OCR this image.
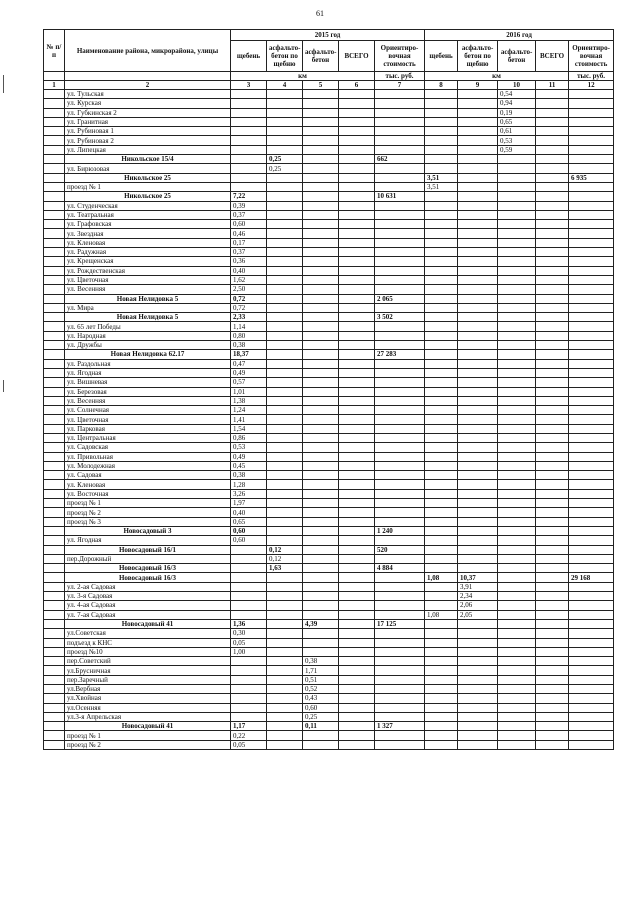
61
№ п/п	Наименование района, микрорайона, улицы	2015 год					2016 год				
		щебень	асфальто-бетон по щебню	асфальто-бетон	ВСЕГО	Ориентиро-вочная стоимость	щебень	асфальто-бетон по щебню	асфальто-бетон	ВСЕГО	Ориентиро-вочная стоимость
		км				тыс. руб.	км				тыс. руб.
1	2	3	4	5	6	7	8	9	10	11	12
	ул. Тульская								0,54		
	ул. Курская								0,94		
	ул. Губкинская 2								0,19		
	ул. Гранитная								0,65		
	ул. Рубиновая 1								0,61		
	ул. Рубиновая 2								0,53		
	ул. Липецкая								0,59		
	Никольское 15/4		0,25			662					
	ул. Бирюзовая		0,25								
	Никольское 25						3,51				6 935
	проезд № 1						3,51				
	Никольское 25	7,22				10 631					
	ул. Студенческая	0,39									
	ул. Театральная	0,37									
	ул. Графовская	0,60									
	ул. Звездная	0,46									
	ул. Кленовая	0,17									
	ул. Радужная	0,37									
	ул. Крещенская	0,36									
	ул. Рождественская	0,40									
	ул. Цветочная	1,62									
	ул. Весенняя	2,50									
	Новая Нелидовка 5	0,72				2 065					
	ул. Мира	0,72									
	Новая Нелидовка 5	2,33				3 502					
	ул. 65 лет Победы	1,14									
	ул. Народная	0,80									
	ул. Дружбы	0,38									
	Новая Нелидовка 62.17	18,37				27 283					
	ул. Раздольная	0,47									
	ул. Ягодная	0,49									
	ул. Вишневая	0,57									
	ул. Березовая	1,01									
	ул. Весенняя	1,38									
	ул. Солнечная	1,24									
	ул. Цветочная	1,41									
	ул. Парковая	1,54									
	ул. Центральная	0,86									
	ул. Садовская	0,53									
	ул. Привольная	0,49									
	ул. Молодежная	0,45									
	ул. Садовая	0,38									
	ул. Кленовая	1,28									
	ул. Восточная	3,26									
	проезд № 1	1,97									
	проезд № 2	0,40									
	проезд № 3	0,65									
	Новосадовый 3	0,60				1 240					
	ул. Ягодная	0,60									
	Новосадовый 16/1		0,12			520					
	пер.Дорожный		0,12								
	Новосадовый 16/3		1,63			4 884					
	Новосадовый 16/3						1,08	10,37			29 168
	ул. 2-ая Садовая							3,91			
	ул. 3-я Садовая							2,34			
	ул. 4-ая Садовая							2,06			
	ул. 7-ая Садовая						1,08	2,05			
	Новосадовый 41	1,36		4,39		17 125					
	ул.Советская	0,30									
	подъезд к КНС	0,05									
	проезд №10	1,00									
	пер.Советский			0,38							
	ул.Брусничная			1,71							
	пер.Заречный			0,51							
	ул.Вербная			0,52							
	ул.Хвойная			0,43							
	ул.Осенняя			0,60							
	ул.3-я Апрельская			0,25							
	Новосадовый 41	1,17		0,11		1 327					
	проезд № 1	0,22									
	проезд № 2	0,05									
